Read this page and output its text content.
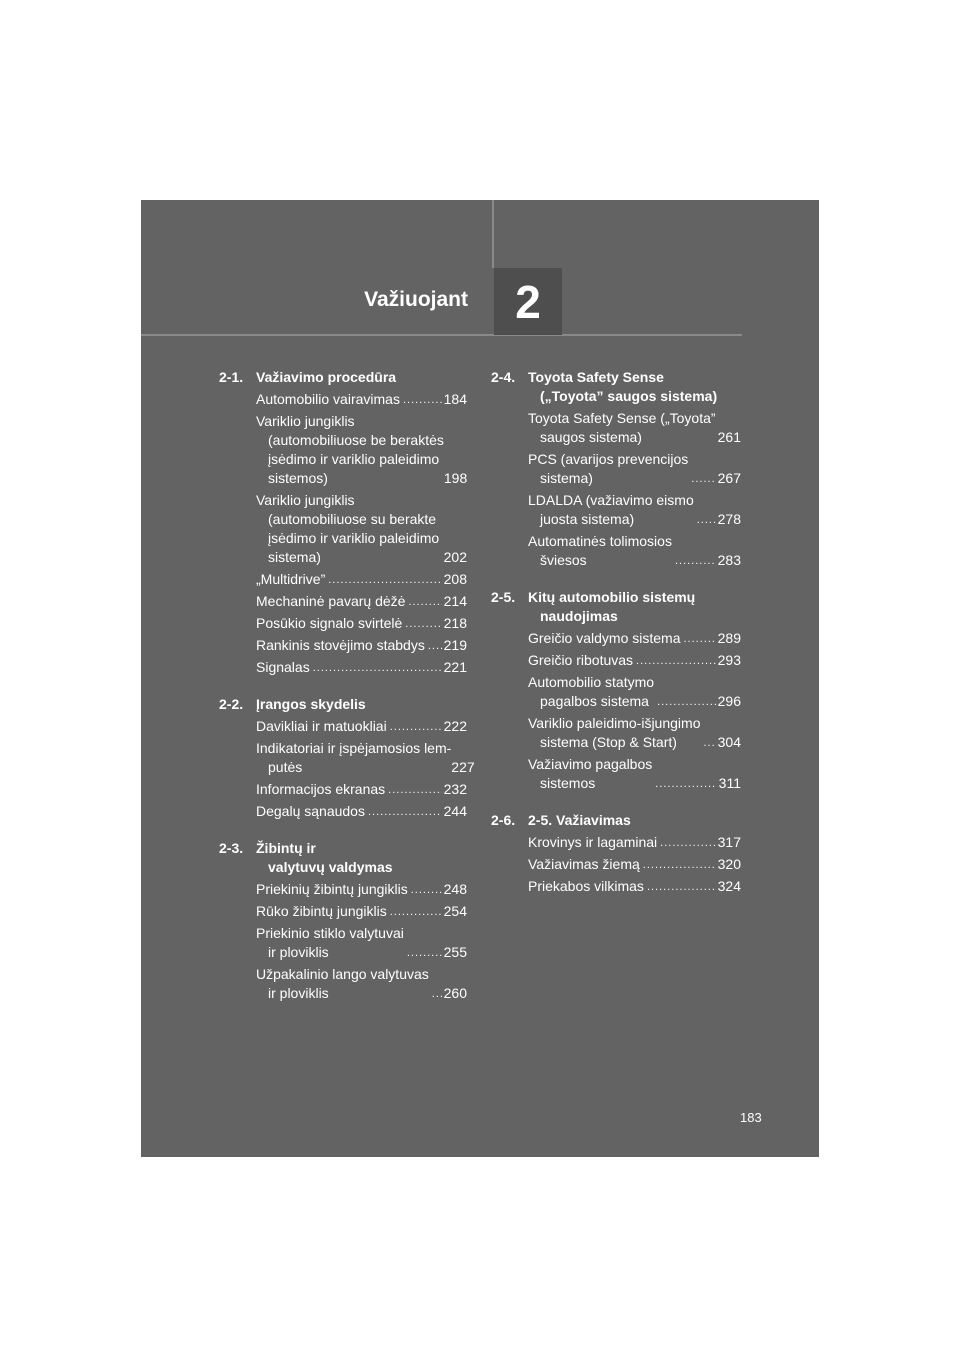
Važiuojant	2
2-1. Važiavimo procedūra
Automobilio vairavimas .....	184
Variklio jungiklis
(automobiliuose be beraktės
įsėdimo ir variklio paleidimo
sistemos)	198
Variklio jungiklis
(automobiliuose su berakte
įsėdimo ir variklio paleidimo
sistema)	202
„Multidrive” .....	208
Mechaninė pavarų dėžė .....	214
Posūkio signalo svirtelė .....	218
Rankinis stovėjimo stabdys ..... 219
Signalas .....	221
2-2. Įrangos skydelis
Davikliai ir matuokliai .....	222
Indikatoriai ir įspėjamosios lem-
putės	227
Informacijos ekranas .....	232
Degalų sąnaudos .....	244
2-3. Žibintų ir
valytuvų valdymas
Priekinių žibintų jungiklis .....	248
Rūko žibintų jungiklis .....	254
Priekinio stiklo valytuvai
ir ploviklis .....	255
Užpakalinio lango valytuvas
ir ploviklis .....	260
2-4. Toyota Safety Sense
(„Toyota” saugos sistema)
Toyota Safety Sense („Toyota”
saugos sistema)	261
PCS (avarijos prevencijos
sistema) .....	267
LDALDA (važiavimo eismo
juosta sistema) .....	278
Automatinės tolimosios
šviesos .....	283
2-5. Kitų automobilio sistemų
naudojimas
Greičio valdymo sistema .....	289
Greičio ribotuvas .....	293
Automobilio statymo
pagalbos sistema .....	296
Variklio paleidimo-išjungimo
sistema (Stop & Start) .....	304
Važiavimo pagalbos
sistemos .....	311
2-6. 2-5. Važiavimas
Krovinys ir lagaminai .....	317
Važiavimas žiemą .....	320
Priekabos vilkimas .....	324
183
